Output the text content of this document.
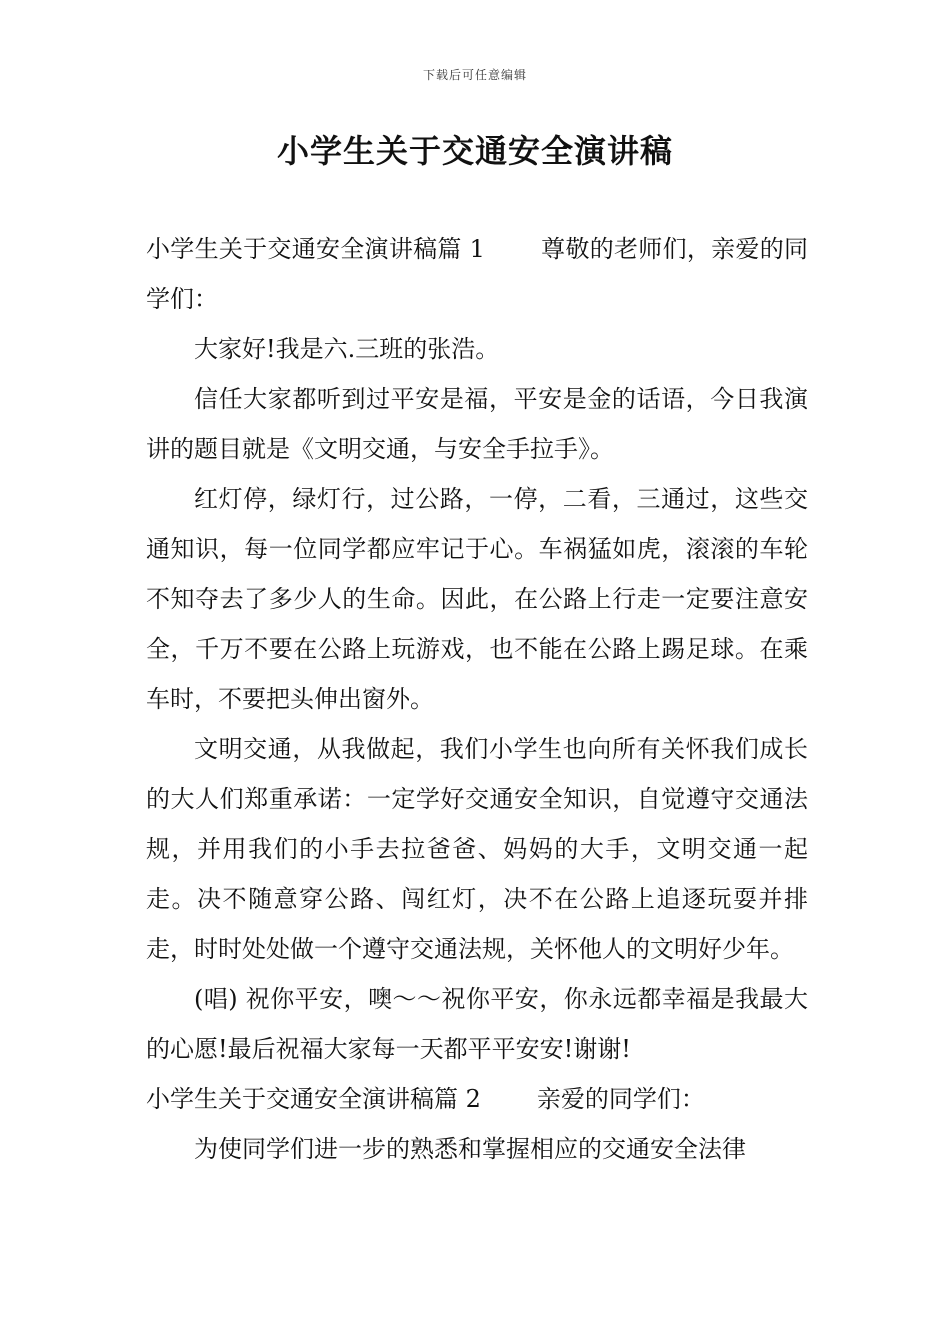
下载后可任意编辑
小学生关于交通安全演讲稿

小学生关于交通安全演讲稿篇 1 尊敬的老师们，亲爱的同学们：

大家好!我是六.三班的张浩。

信任大家都听到过平安是福，平安是金的话语，今日我演讲的题目就是《文明交通，与安全手拉手》。

红灯停，绿灯行，过公路，一停，二看，三通过，这些交通知识，每一位同学都应牢记于心。车祸猛如虎，滚滚的车轮不知夺去了多少人的生命。因此，在公路上行走一定要注意安全，千万不要在公路上玩游戏，也不能在公路上踢足球。在乘车时，不要把头伸出窗外。

文明交通，从我做起，我们小学生也向所有关怀我们成长的大人们郑重承诺：一定学好交通安全知识，自觉遵守交通法规，并用我们的小手去拉爸爸、妈妈的大手，文明交通一起走。决不随意穿公路、闯红灯，决不在公路上追逐玩耍并排走，时时处处做一个遵守交通法规，关怀他人的文明好少年。

(唱) 祝你平安，噢～～祝你平安，你永远都幸福是我最大的心愿!最后祝福大家每一天都平平安安!谢谢!

小学生关于交通安全演讲稿篇 2 亲爱的同学们：

为使同学们进一步的熟悉和掌握相应的交通安全法律
